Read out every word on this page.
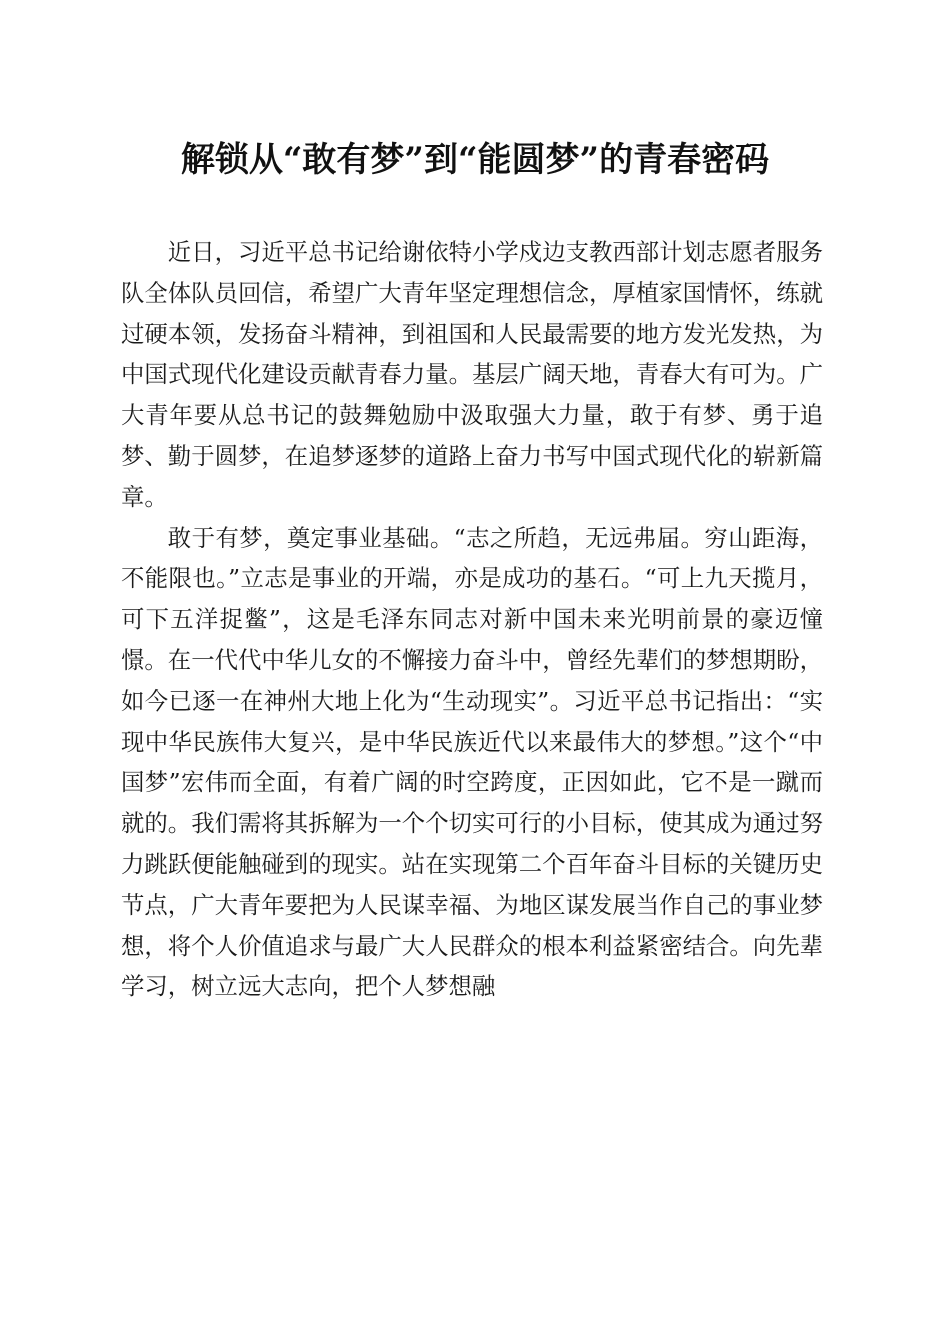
解锁从“敢有梦”到“能圆梦”的青春密码

近日，习近平总书记给谢依特小学戍边支教西部计划志愿者服务队全体队员回信，希望广大青年坚定理想信念，厚植家国情怀，练就过硬本领，发扬奋斗精神，到祖国和人民最需要的地方发光发热，为中国式现代化建设贡献青春力量。基层广阔天地，青春大有可为。广大青年要从总书记的鼓舞勉励中汲取强大力量，敢于有梦、勇于追梦、勤于圆梦，在追梦逐梦的道路上奋力书写中国式现代化的崭新篇章。

敢于有梦，奠定事业基础。“志之所趋，无远弗届。穷山距海，不能限也。”立志是事业的开端，亦是成功的基石。“可上九天揽月，可下五洋捉鳖”，这是毛泽东同志对新中国未来光明前景的豪迈憧憬。在一代代中华儿女的不懈接力奋斗中，曾经先辈们的梦想期盼，如今已逐一在神州大地上化为“生动现实”。习近平总书记指出：“实现中华民族伟大复兴，是中华民族近代以来最伟大的梦想。”这个“中国梦”宏伟而全面，有着广阔的时空跨度，正因如此，它不是一蹴而就的。我们需将其拆解为一个个切实可行的小目标，使其成为通过努力跳跃便能触碰到的现实。站在实现第二个百年奋斗目标的关键历史节点，广大青年要把为人民谋幸福、为地区谋发展当作自己的事业梦想，将个人价值追求与最广大人民群众的根本利益紧密结合。向先辈学习，树立远大志向，把个人梦想融
